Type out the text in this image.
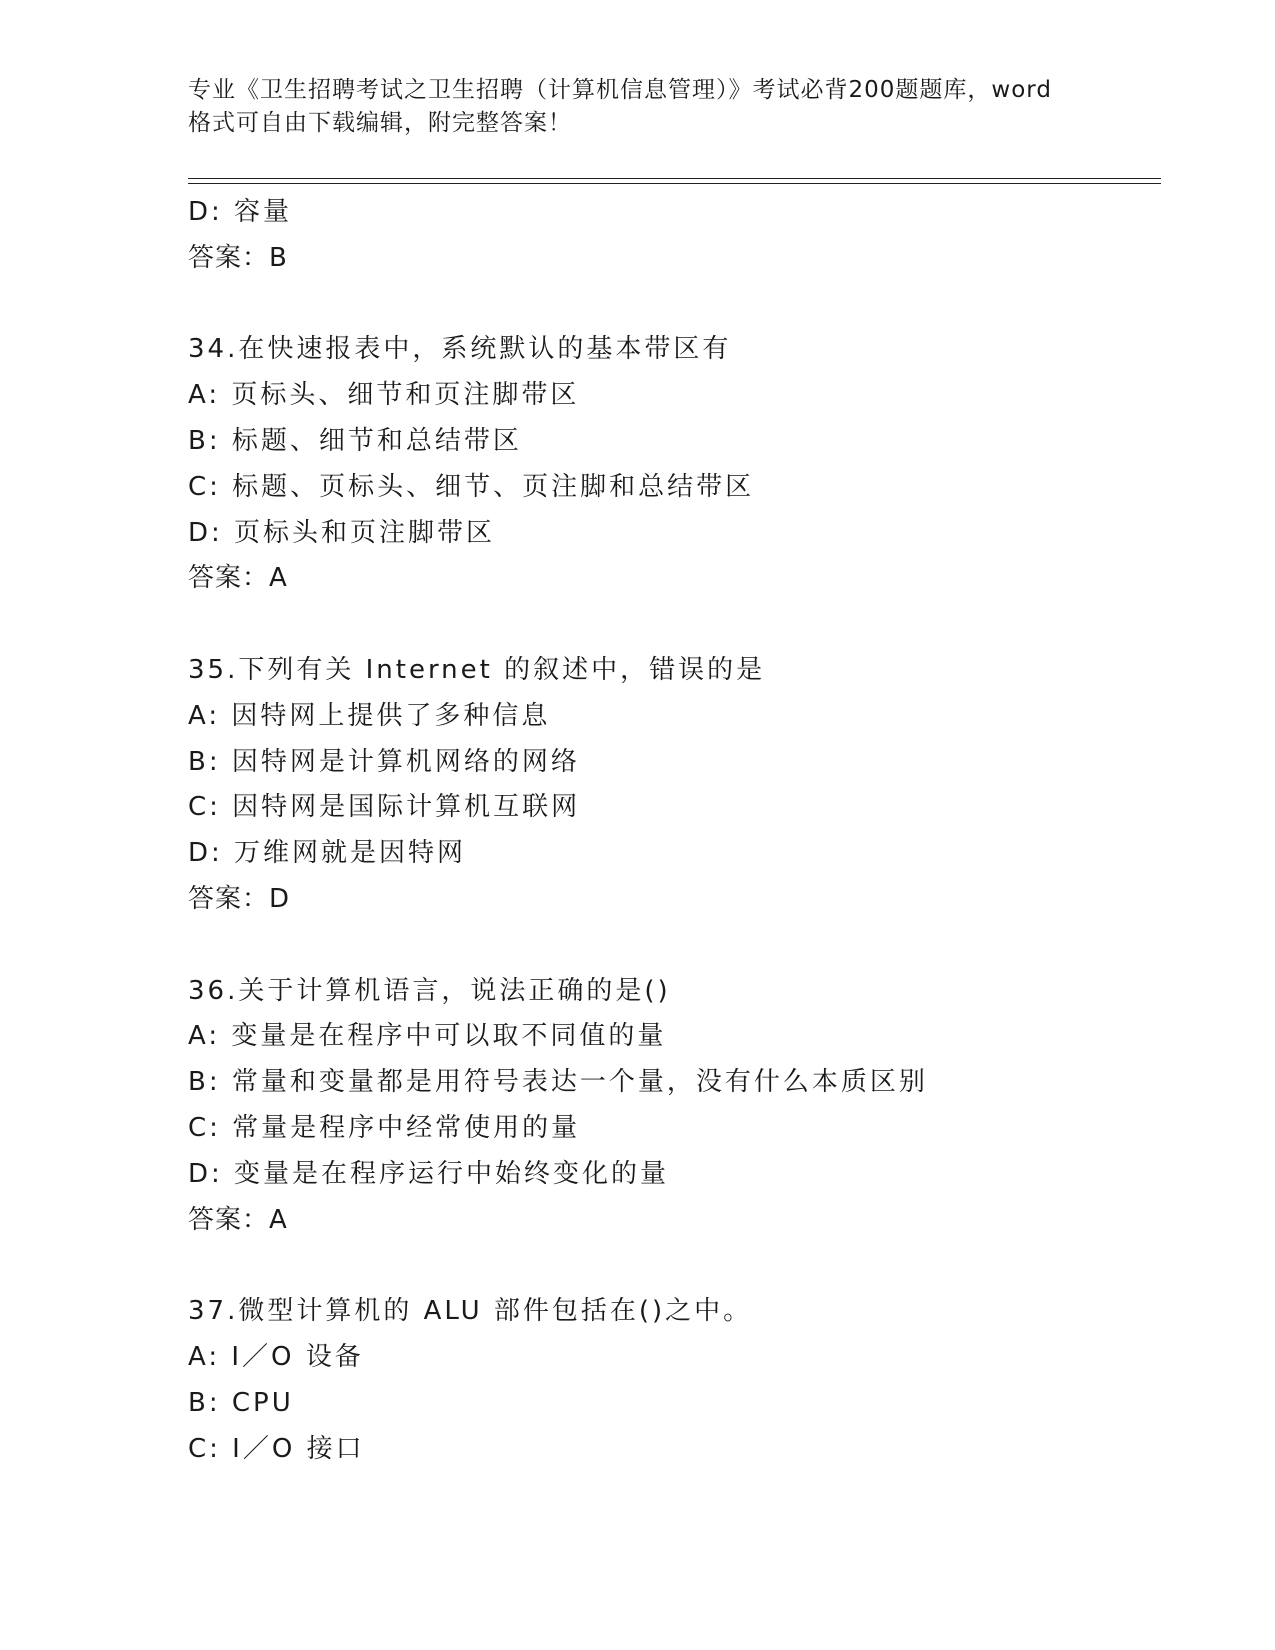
专业《卫生招聘考试之卫生招聘（计算机信息管理）》考试必背200题题库，word
格式可自由下载编辑，附完整答案！
D: 容量
答案：B
34.在快速报表中，系统默认的基本带区有
A: 页标头、细节和页注脚带区
B: 标题、细节和总结带区
C: 标题、页标头、细节、页注脚和总结带区
D: 页标头和页注脚带区
答案：A
35.下列有关 Internet 的叙述中，错误的是
A: 因特网上提供了多种信息
B: 因特网是计算机网络的网络
C: 因特网是国际计算机互联网
D: 万维网就是因特网
答案：D
36.关于计算机语言，说法正确的是()
A: 变量是在程序中可以取不同值的量
B: 常量和变量都是用符号表达一个量，没有什么本质区别
C: 常量是程序中经常使用的量
D: 变量是在程序运行中始终变化的量
答案：A
37.微型计算机的 ALU 部件包括在()之中。
A: I／O 设备
B: CPU
C: I／O 接口
